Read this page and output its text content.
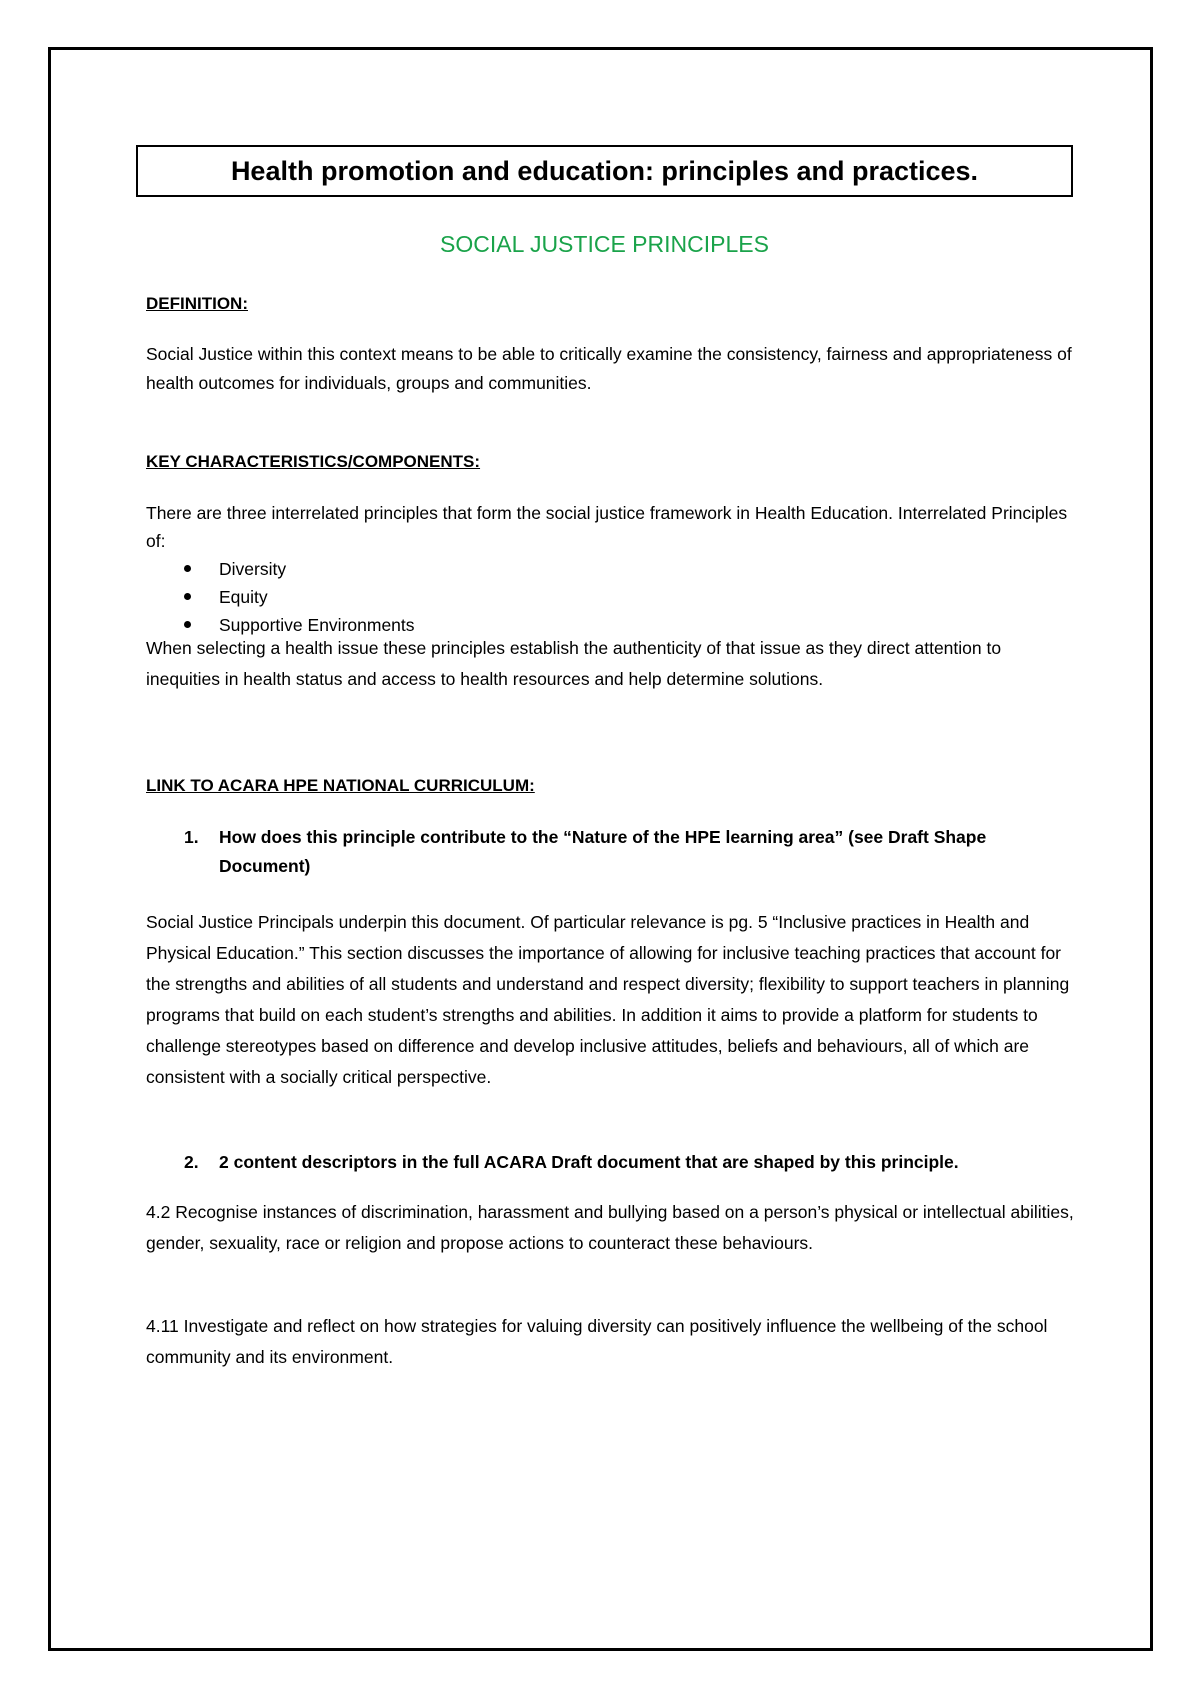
Health promotion and education: principles and practices.
SOCIAL JUSTICE PRINCIPLES
DEFINITION:
Social Justice within this context means to be able to critically examine the consistency, fairness and appropriateness of health outcomes for individuals, groups and communities.
KEY CHARACTERISTICS/COMPONENTS:
There are three interrelated principles that form the social justice framework in Health Education. Interrelated Principles of:
Diversity
Equity
Supportive Environments
When selecting a health issue these principles establish the authenticity of that issue as they direct attention to inequities in health status and access to health resources and help determine solutions.
LINK TO ACARA HPE NATIONAL CURRICULUM:
1.	How does this principle contribute to the “Nature of the HPE learning area” (see Draft Shape Document)
Social Justice Principals underpin this document. Of particular relevance is pg. 5 “Inclusive practices in Health and Physical Education.” This section discusses the importance of allowing for inclusive teaching practices that account for the strengths and abilities of all students and understand and respect diversity; flexibility to support teachers in planning programs that build on each student’s strengths and abilities. In addition it aims to provide a platform for students to challenge stereotypes based on difference and develop inclusive attitudes, beliefs and behaviours, all of which are consistent with a socially critical perspective.
2.	2 content descriptors in the full ACARA Draft document that are shaped by this principle.
4.2 Recognise instances of discrimination, harassment and bullying based on a person’s physical or intellectual abilities, gender, sexuality, race or religion and propose actions to counteract these behaviours.
4.11 Investigate and reflect on how strategies for valuing diversity can positively influence the wellbeing of the school community and its environment.
